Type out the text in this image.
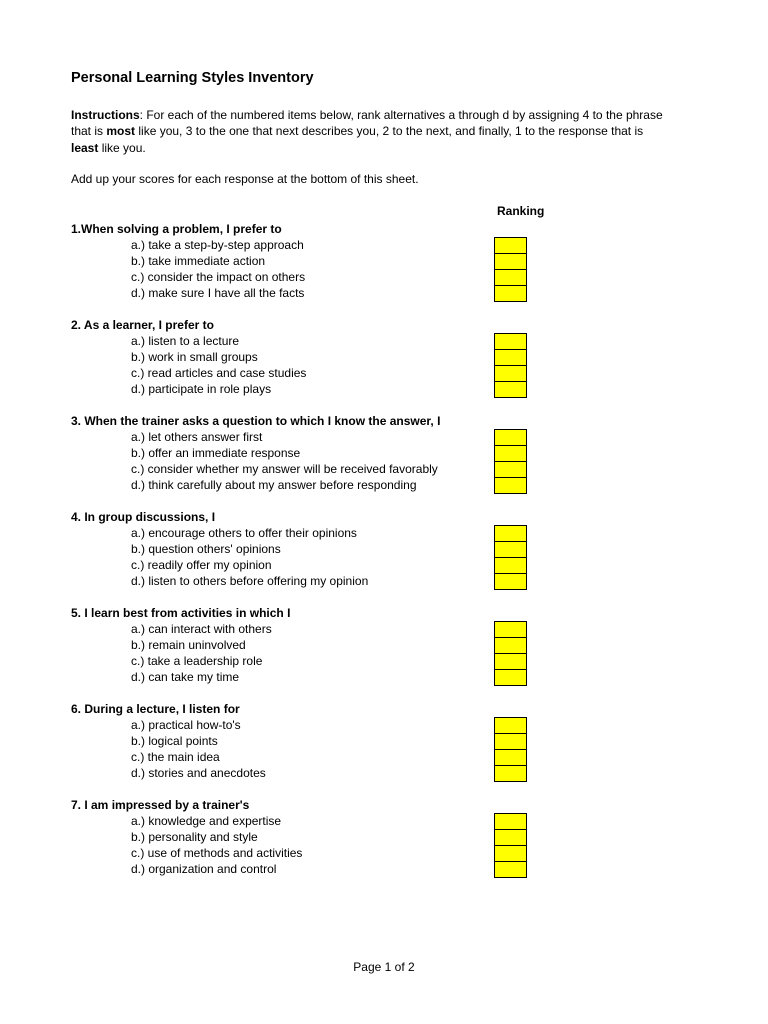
Personal Learning Styles Inventory

Instructions: For each of the numbered items below, rank alternatives a through d by assigning 4 to the phrase that is most like you, 3 to the one that next describes you, 2 to the next, and finally, 1 to the response that is least like you.

Add up your scores for each response at the bottom of this sheet.

Ranking

1.When solving a problem, I prefer to
a.) take a step-by-step approach
b.) take immediate action
c.) consider the impact on others
d.) make sure I have all the facts
2. As a learner, I prefer to
a.) listen to a lecture
b.) work in small groups
c.) read articles and case studies
d.) participate in role plays
3. When the trainer asks a question to which I know the answer, I
a.) let others answer first
b.) offer an immediate response
c.) consider whether my answer will be received favorably
d.) think carefully about my answer before responding
4. In group discussions, I
a.) encourage others to offer their opinions
b.) question others' opinions
c.) readily offer my opinion
d.) listen to others before offering my opinion
5. I learn best from activities in which I
a.) can interact with others
b.) remain uninvolved
c.) take a leadership role
d.) can take my time
6. During a lecture, I listen for
a.) practical how-to's
b.) logical points
c.) the main idea
d.) stories and anecdotes
7. I am impressed by a trainer's
a.) knowledge and expertise
b.) personality and style
c.) use of methods and activities
d.) organization and control

Page 1 of 2
